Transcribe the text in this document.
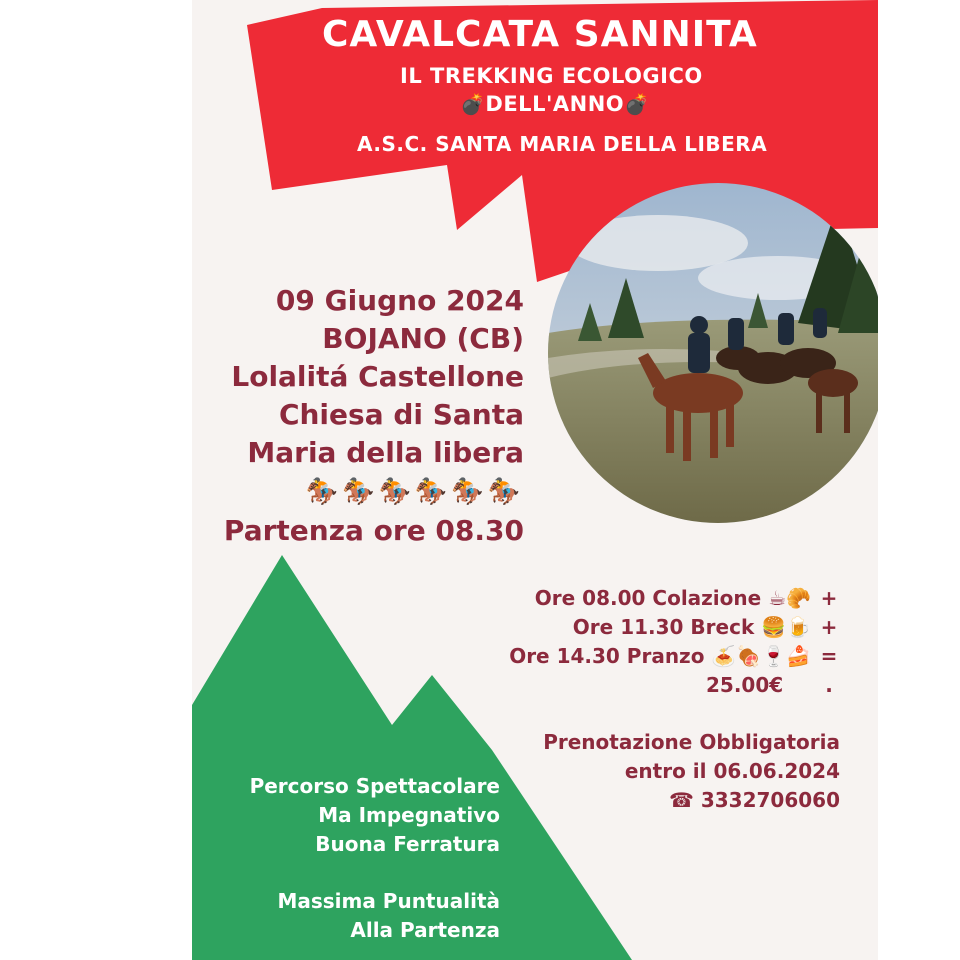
CAVALCATA SANNITA
IL TREKKING ECOLOGICO
💣DELL'ANNO💣
A.S.C. SANTA MARIA DELLA LIBERA
09 Giugno 2024
BOJANO (CB)
Lolalitá Castellone
Chiesa di Santa
Maria della libera
🏇🏇🏇🏇🏇🏇
Partenza ore 08.30
Percorso Spettacolare
Ma Impegnativo
Buona Ferratura
Massima Puntualità
Alla Partenza
Ore 08.00 Colazione ☕🥐 +
Ore 11.30 Breck 🍔🍺 +
Ore 14.30 Pranzo 🍝🍖🍷🍰 =
25.00€ .
Prenotazione Obbligatoria
entro il 06.06.2024
☎ 3332706060
